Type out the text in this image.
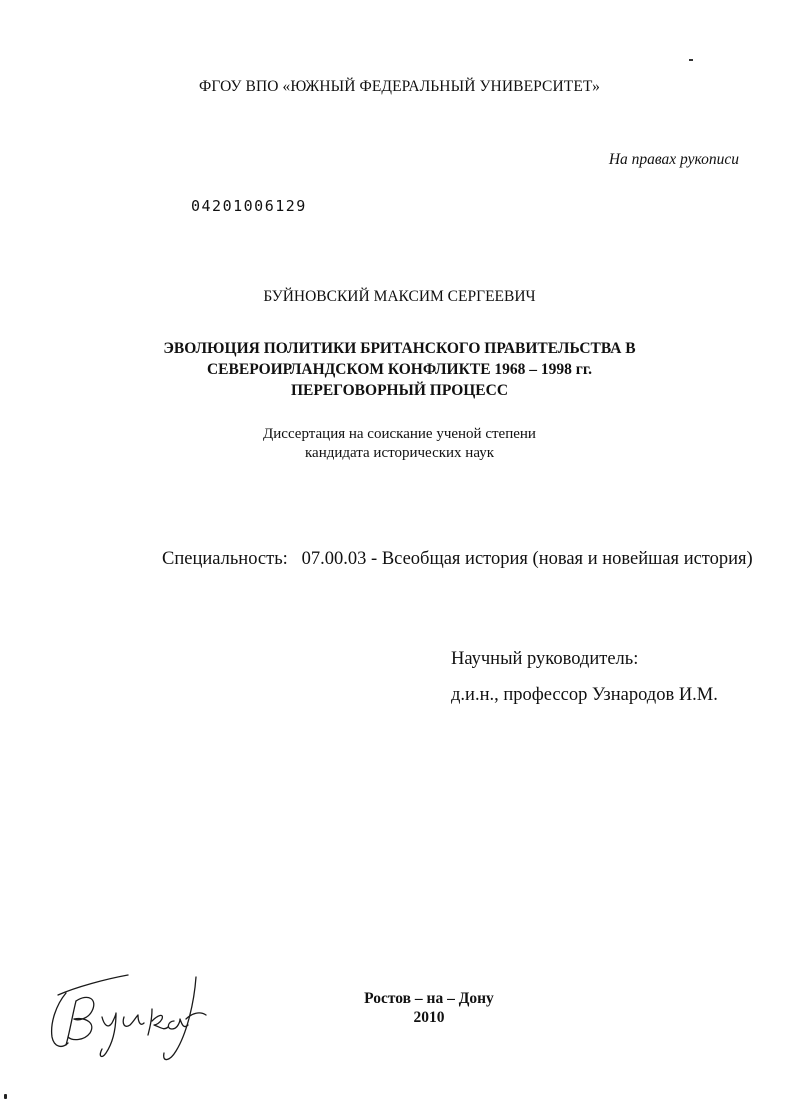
ФГОУ ВПО «ЮЖНЫЙ ФЕДЕРАЛЬНЫЙ УНИВЕРСИТЕТ»
На правах рукописи
04201006129
БУЙНОВСКИЙ МАКСИМ СЕРГЕЕВИЧ
ЭВОЛЮЦИЯ ПОЛИТИКИ БРИТАНСКОГО ПРАВИТЕЛЬСТВА В
СЕВЕРОИРЛАНДСКОМ КОНФЛИКТЕ 1968 – 1998 гг.
ПЕРЕГОВОРНЫЙ ПРОЦЕСС
Диссертация на соискание ученой степени
кандидата исторических наук
Специальность:   07.00.03 - Всеобщая история (новая и новейшая история)
Научный руководитель:
д.и.н., профессор Узнародов И.М.
Ростов – на – Дону
2010
